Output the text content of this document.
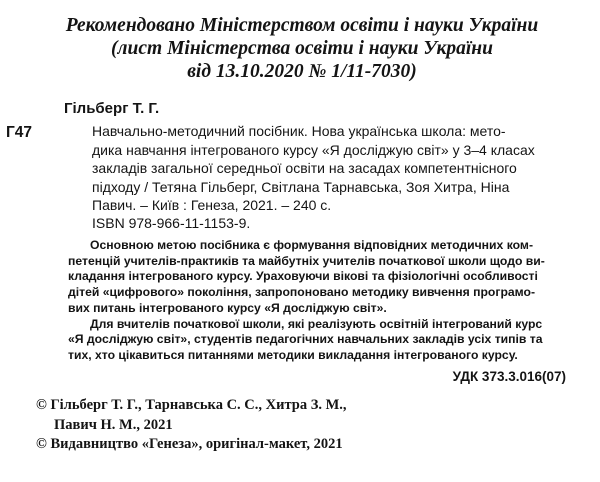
Рекомендовано Міністерством освіти і науки України
(лист Міністерства освіти і науки України
від 13.10.2020 № 1/11-7030)
Гільберг Т. Г.
Г47	Навчально-методичний посібник. Нова українська школа: мето-
дика навчання інтегрованого курсу «Я досліджую світ» у 3–4 класах
закладів загальної середньої освіти на засадах компетентнісного
підходу / Тетяна Гільберг, Світлана Тарнавська, Зоя Хитра, Ніна
Павич. – Київ : Генеза, 2021. – 240 с.
ISBN 978-966-11-1153-9.
Основною метою посібника є формування відповідних методичних ком-
петенцій учителів-практиків та майбутніх учителів початкової школи щодо ви-
кладання інтегрованого курсу. Ураховуючи вікові та фізіологічні особливості
дітей «цифрового» покоління, запропоновано методику вивчення програмо-
вих питань інтегрованого курсу «Я досліджую світ».
Для вчителів початкової школи, які реалізують освітній інтегрований курс
«Я досліджую світ», студентів педагогічних навчальних закладів усіх типів та
тих, хто цікавиться питаннями методики викладання інтегрованого курсу.
УДК 373.3.016(07)
© Гільберг Т. Г., Тарнавська С. С., Хитра З. М.,
Павич Н. М., 2021
© Видавництво «Генеза», оригінал-макет, 2021
